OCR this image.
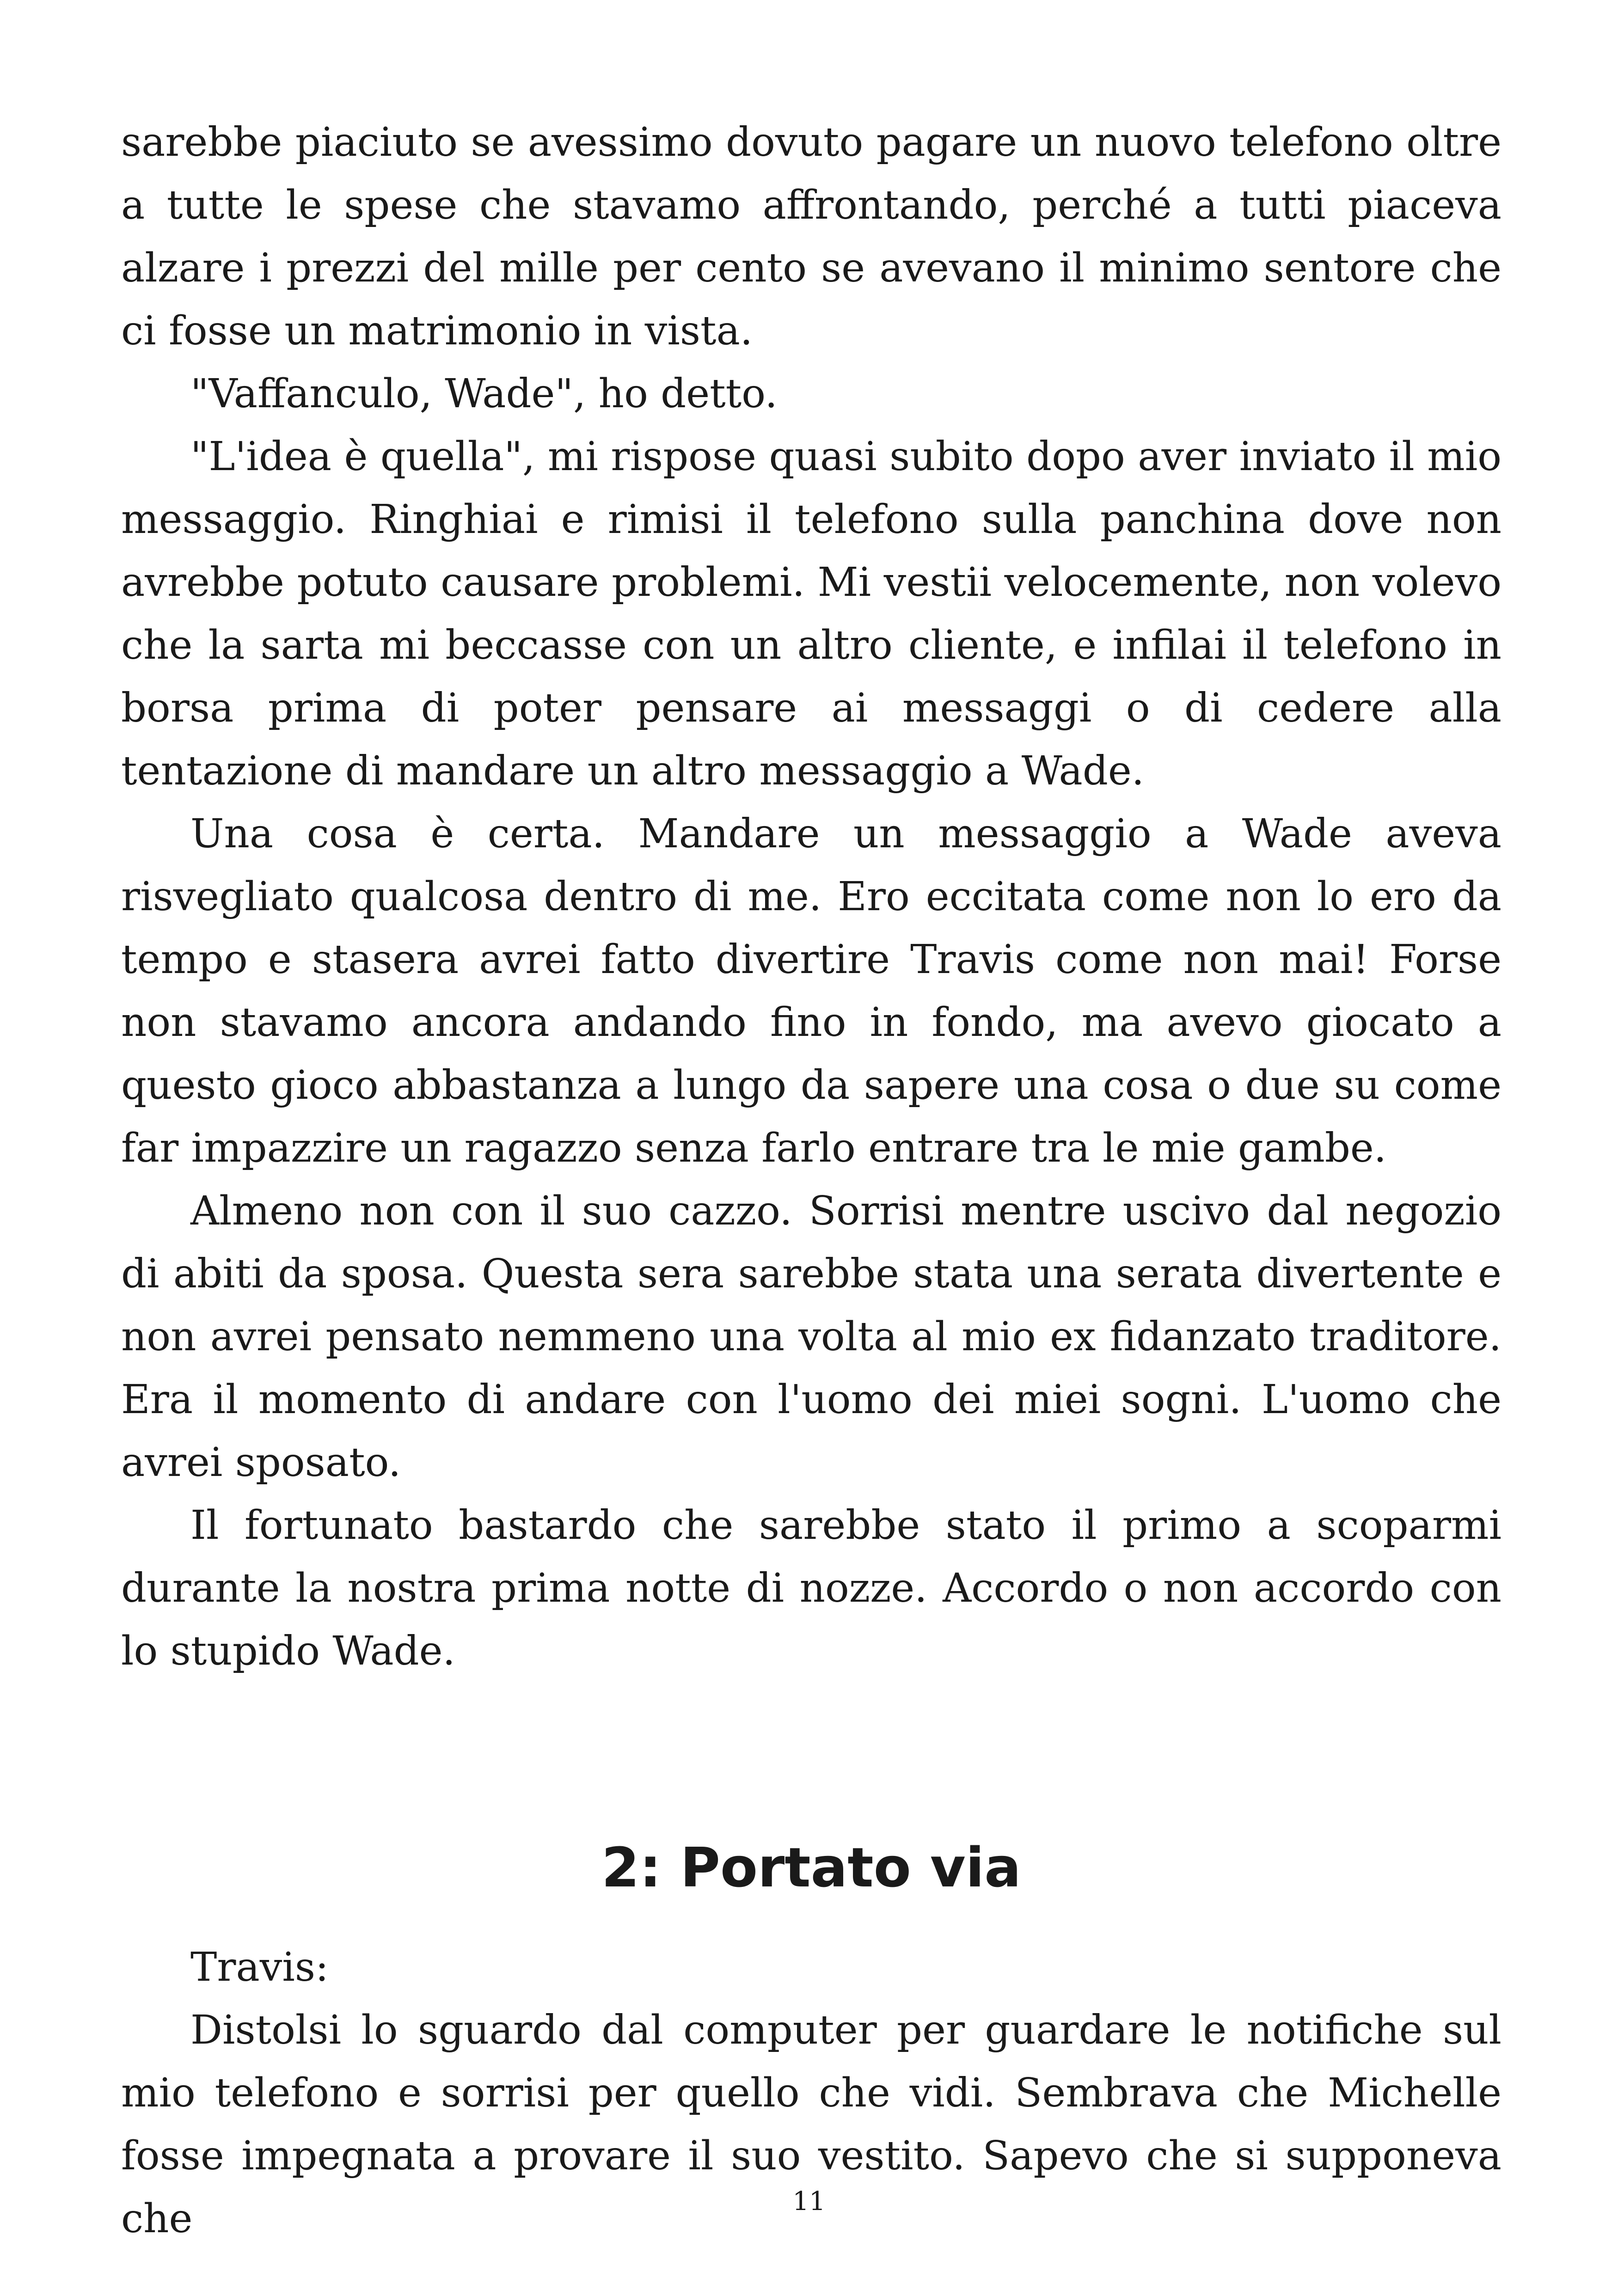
sarebbe piaciuto se avessimo dovuto pagare un nuovo telefono oltre a tutte le spese che stavamo affrontando, perché a tutti piaceva alzare i prezzi del mille per cento se avevano il minimo sentore che ci fosse un matrimonio in vista.

"Vaffanculo, Wade", ho detto.

"L'idea è quella", mi rispose quasi subito dopo aver inviato il mio messaggio. Ringhiai e rimisi il telefono sulla panchina dove non avrebbe potuto causare problemi. Mi vestii velocemente, non volevo che la sarta mi beccasse con un altro cliente, e infilai il telefono in borsa prima di poter pensare ai messaggi o di cedere alla tentazione di mandare un altro messaggio a Wade.

Una cosa è certa. Mandare un messaggio a Wade aveva risvegliato qualcosa dentro di me. Ero eccitata come non lo ero da tempo e stasera avrei fatto divertire Travis come non mai! Forse non stavamo ancora andando fino in fondo, ma avevo giocato a questo gioco abbastanza a lungo da sapere una cosa o due su come far impazzire un ragazzo senza farlo entrare tra le mie gambe.

Almeno non con il suo cazzo. Sorrisi mentre uscivo dal negozio di abiti da sposa. Questa sera sarebbe stata una serata divertente e non avrei pensato nemmeno una volta al mio ex fidanzato traditore. Era il momento di andare con l'uomo dei miei sogni. L'uomo che avrei sposato.

Il fortunato bastardo che sarebbe stato il primo a scoparmi durante la nostra prima notte di nozze. Accordo o non accordo con lo stupido Wade.

2: Portato via

Travis:

Distolsi lo sguardo dal computer per guardare le notifiche sul mio telefono e sorrisi per quello che vidi. Sembrava che Michelle fosse impegnata a provare il suo vestito. Sapevo che si supponeva che	11
